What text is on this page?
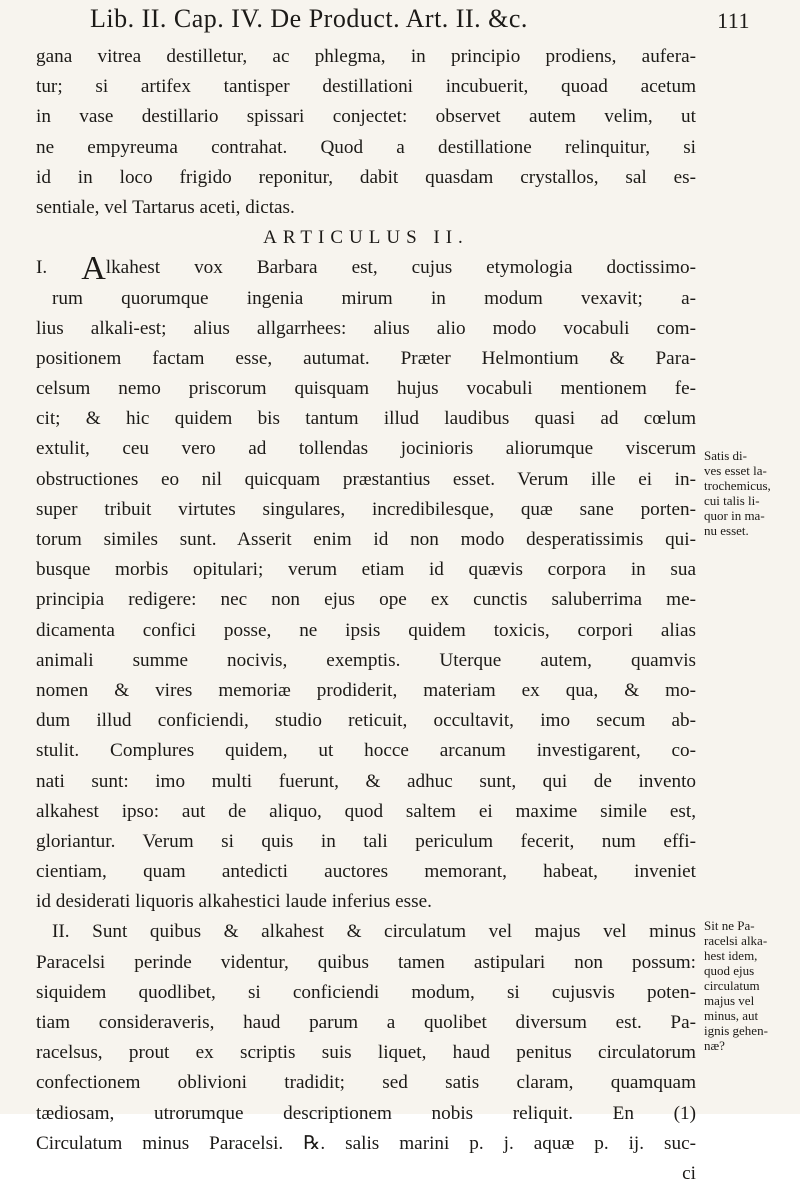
Lib. II. Cap. IV. De Product. Art. II. &c.	111
gana vitrea destilletur, ac phlegma, in principio prodiens, aufera-
tur; si artifex tantisper destillationi incubuerit, quoad acetum
in vase destillario spissari conjectet: observet autem velim, ut
ne empyreuma contrahat. Quod a destillatione relinquitur, si
id in loco frigido reponitur, dabit quasdam crystallos, sal es-
sentiale, vel Tartarus aceti, dictas.
ARTICULUS II.
I. Alkahest vox Barbara est, cujus etymologia doctissimo-
rum quorumque ingenia mirum in modum vexavit; a-
lius alkali-est; alius allgarrhees: alius alio modo vocabuli com-
positionem factam esse, autumat. Præter Helmontium & Para-
celsum nemo priscorum quisquam hujus vocabuli mentionem fe-
cit; & hic quidem bis tantum illud laudibus quasi ad cœlum
extulit, ceu vero ad tollendas jocinioris aliorumque viscerum
obstructiones eo nil quicquam præstantius esset. Verum ille ei in-
super tribuit virtutes singulares, incredibilesque, quæ sane porten-
torum similes sunt. Asserit enim id non modo desperatissimis qui-
busque morbis opitulari; verum etiam id quævis corpora in sua
principia redigere: nec non ejus ope ex cunctis saluberrima me-
dicamenta confici posse, ne ipsis quidem toxicis, corpori alias
animali summe nocivis, exemptis. Uterque autem, quamvis
nomen & vires memoriæ prodiderit, materiam ex qua, & mo-
dum illud conficiendi, studio reticuit, occultavit, imo secum ab-
stulit. Complures quidem, ut hocce arcanum investigarent, co-
nati sunt: imo multi fuerunt, & adhuc sunt, qui de invento
alkahest ipso: aut de aliquo, quod saltem ei maxime simile est,
gloriantur. Verum si quis in tali periculum fecerit, num effi-
cientiam, quam antedicti auctores memorant, habeat, inveniet
id desiderati liquoris alkahestici laude inferius esse.
II. Sunt quibus & alkahest & circulatum vel majus vel minus
Paracelsi perinde videntur, quibus tamen astipulari non possum:
siquidem quodlibet, si conficiendi modum, si cujusvis poten-
tiam consideraveris, haud parum a quolibet diversum est. Pa-
racelsus, prout ex scriptis suis liquet, haud penitus circulatorum
confectionem oblivioni tradidit; sed satis claram, quamquam
tædiosam, utrorumque descriptionem nobis reliquit. En (1)
Circulatum minus Paracelsi. ℞. salis marini p. j. aquæ p. ij. suc-
ci
Satis di-
ves esset la-
trochemicus,
cui talis li-
quor in ma-
nu esset.
Sit ne Pa-
racelsi alka-
hest idem,
quod ejus
circulatum
majus vel
minus, aut
ignis gehen-
næ?
